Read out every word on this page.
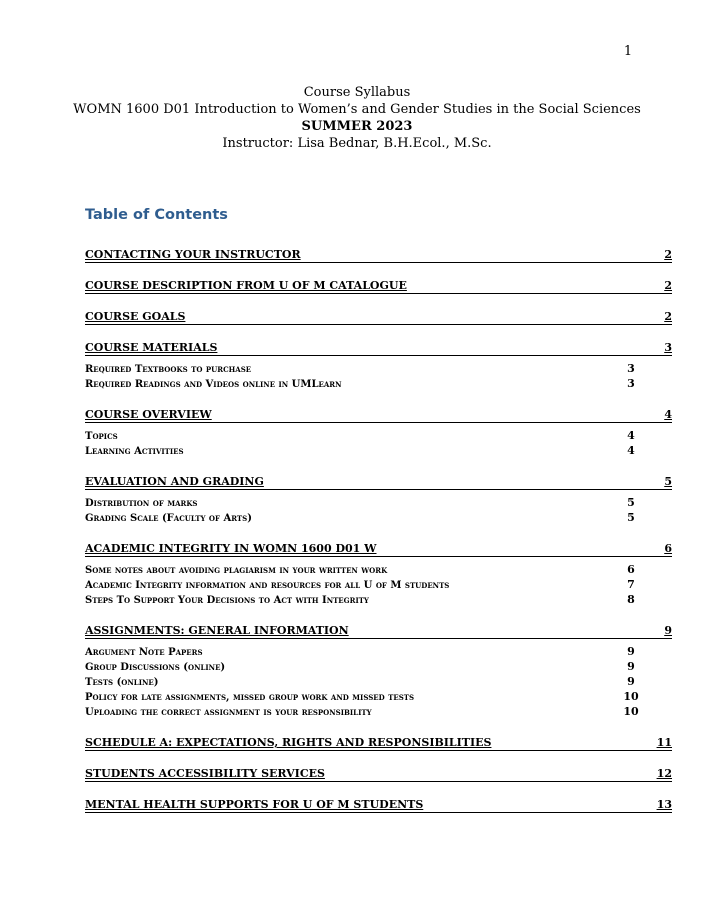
1
Course Syllabus
WOMN 1600 D01 Introduction to Women’s and Gender Studies in the Social Sciences
SUMMER 2023
Instructor: Lisa Bednar, B.H.Ecol., M.Sc.
Table of Contents
CONTACTING YOUR INSTRUCTOR	2
COURSE DESCRIPTION FROM U OF M CATALOGUE	2
COURSE GOALS	2
COURSE MATERIALS	3
Required Textbooks to purchase	3
Required Readings and Videos online in UMLearn	3
COURSE OVERVIEW	4
Topics	4
Learning Activities	4
EVALUATION AND GRADING	5
Distribution of marks	5
Grading Scale (Faculty of Arts)	5
ACADEMIC INTEGRITY IN WOMN 1600 D01 W	6
Some notes about avoiding plagiarism in your written work	6
Academic Integrity information and resources for all U of M students	7
Steps To Support Your Decisions to Act with Integrity	8
ASSIGNMENTS: GENERAL INFORMATION	9
Argument Note Papers	9
Group Discussions (online)	9
Tests (online)	9
Policy for late assignments, missed group work and missed tests	10
Uploading the correct assignment is your responsibility	10
SCHEDULE A: EXPECTATIONS, RIGHTS AND RESPONSIBILITIES	11
STUDENTS ACCESSIBILITY SERVICES	12
MENTAL HEALTH SUPPORTS FOR U OF M STUDENTS	13
